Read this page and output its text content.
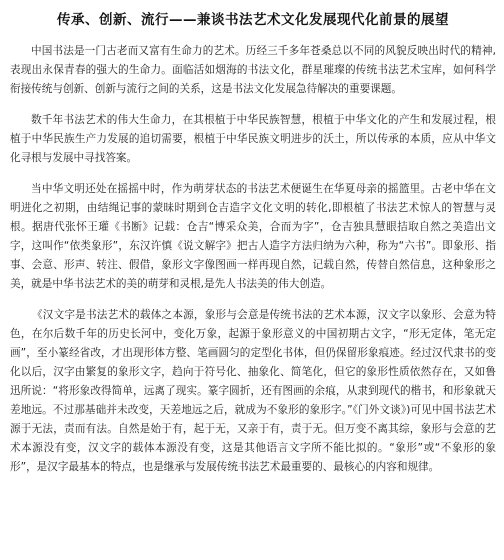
传承、创新、流行——兼谈书法艺术文化发展现代化前景的展望

中国书法是一门古老而又富有生命力的艺术。历经三千多年苍桑总以不同的风貌反映出时代的精神,表现出永保青春的强大的生命力。面临活如烟海的书法文化，群星璀璨的传统书法艺术宝库，如何科学衔接传统与创新、创新与流行之间的关系，这是书法文化发展急待解决的重要课题。

数千年书法艺术的伟大生命力，在其根植于中华民族智慧，根植于中华文化的产生和发展过程，根植于中华民族生产力发展的追切需要，根植于中华民族文明进步的沃土，所以传承的本质，应从中华文化寻根与发展中寻找答案。

当中华文明还处在摇摇中时，作为萌芽状态的书法艺术便诞生在华夏母亲的摇篮里。古老中华在文明进化之初期，由结绳记事的蒙昧时期到仓吉造字文化文明的转化,即根植了书法艺术惊人的智慧与灵根。据唐代张怀王瓘《书断》记载：仓吉“博采众美，合而为字”，仓吉独具慧眼拮取自然之美造出文字，这叫作“依类象形”，东汉许慎《说文解字》把古人造字方法归纳为六种，称为“六书”。即象形、指事、会意、形声、转注、假借，象形文字像图画一样再现自然，记载自然，传替自然信息，这种象形之美，就是中华书法艺术的美的萌芽和灵根,是先人书法美的伟大创造。

《汉文字是书法艺术的载体之本源，象形与会意是传统书法的艺术本源，汉文字以象形、会意为特色，在尔后数千年的历史长河中，变化万象，起源于象形意义的中国初期古文字，“形无定体，笔无定画”，至小篆经省改，才出现形体方整、笔画圆匀的定型化书体，但仍保留形象痕迹。经过汉代隶书的变化以后，汉字由繁复的象形文字，趋向于符号化、抽象化、简笔化，但它的象形性质依然存在，又如鲁迅所说：“将形象改得简单，远离了现实。篆字圆折，还有图画的余痕，从隶到现代的楷书，和形象就天差地远。不过那基础并未改变，天差地远之后，就成为不象形的象形字。”《门外文谈》)可见中国书法艺术源于无法，责而有法。自然是始于有，起于无，又亲于有，责于无。但万变不离其综，象形与会意的艺术本源没有变，汉文字的载体本源没有变，这是其他语言文字所不能比拟的。“象形”或“不象形的象形”，是汉字最基本的特点，也是继承与发展传统书法艺术最重要的、最核心的内容和规律。
